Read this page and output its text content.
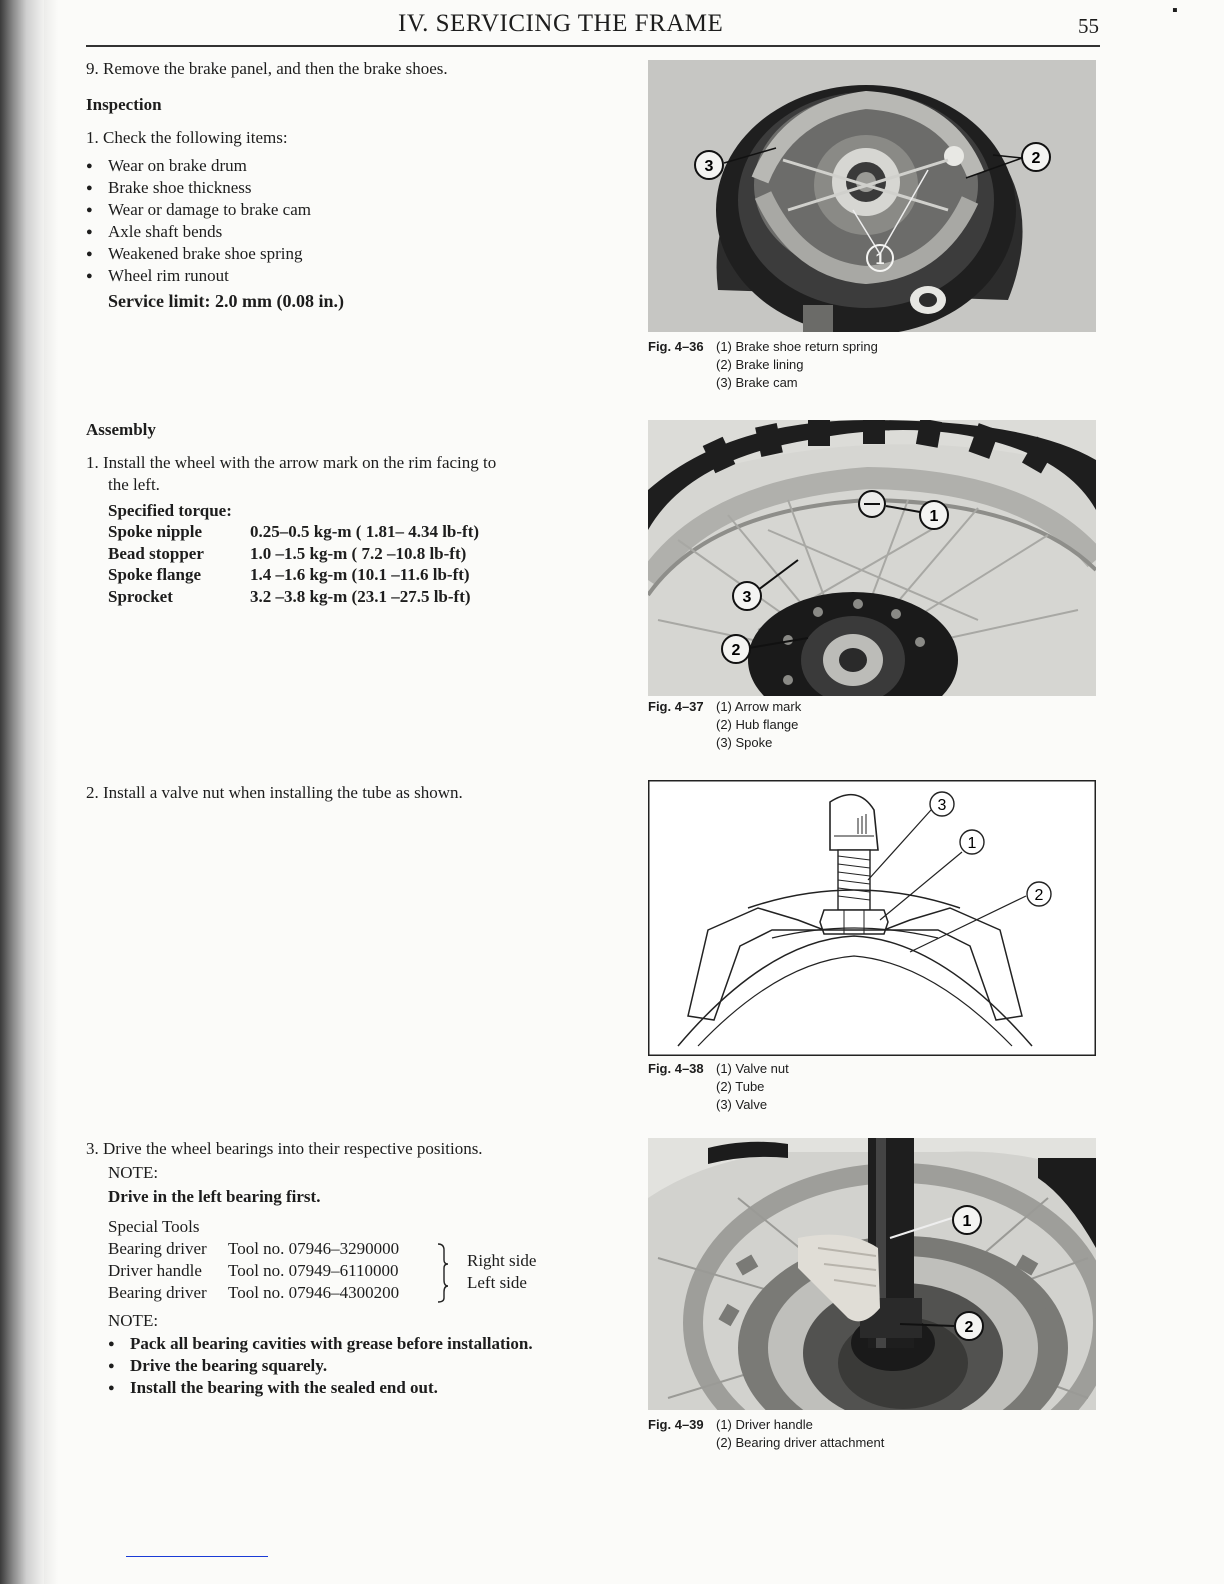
IV. SERVICING THE FRAME	55
▪
9. Remove the brake panel, and then the brake shoes.
Inspection
1. Check the following items:
● Wear on brake drum
● Brake shoe thickness
● Wear or damage to brake cam
● Axle shaft bends
● Weakened brake shoe spring
● Wheel rim runout
Service limit: 2.0 mm (0.08 in.)
Assembly
1. Install the wheel with the arrow mark on the rim facing to
the left.
Specified torque:
Spoke nipple	0.25–0.5 kg-m ( 1.81– 4.34 lb-ft)
Bead stopper	1.0 –1.5 kg-m ( 7.2 –10.8 lb-ft)
Spoke flange	1.4 –1.6 kg-m (10.1 –11.6 lb-ft)
Sprocket	3.2 –3.8 kg-m (23.1 –27.5 lb-ft)
2. Install a valve nut when installing the tube as shown.
3. Drive the wheel bearings into their respective positions.
NOTE:
Drive in the left bearing first.
Special Tools
Bearing driver	Tool no. 07946–3290000
Driver handle	Tool no. 07949–6110000
Bearing driver	Tool no. 07946–4300200
Right side
Left side
NOTE:
● Pack all bearing cavities with grease before installation.
● Drive the bearing squarely.
● Install the bearing with the sealed end out.
3	2
1
Fig. 4–36 (1) Brake shoe return spring
(2) Brake lining
(3) Brake cam
1
3
2
Fig. 4–37 (1) Arrow mark
(2) Hub flange
(3) Spoke
3
1
2
Fig. 4–38 (1) Valve nut
(2) Tube
(3) Valve
1
2
Fig. 4–39 (1) Driver handle
(2) Bearing driver attachment
